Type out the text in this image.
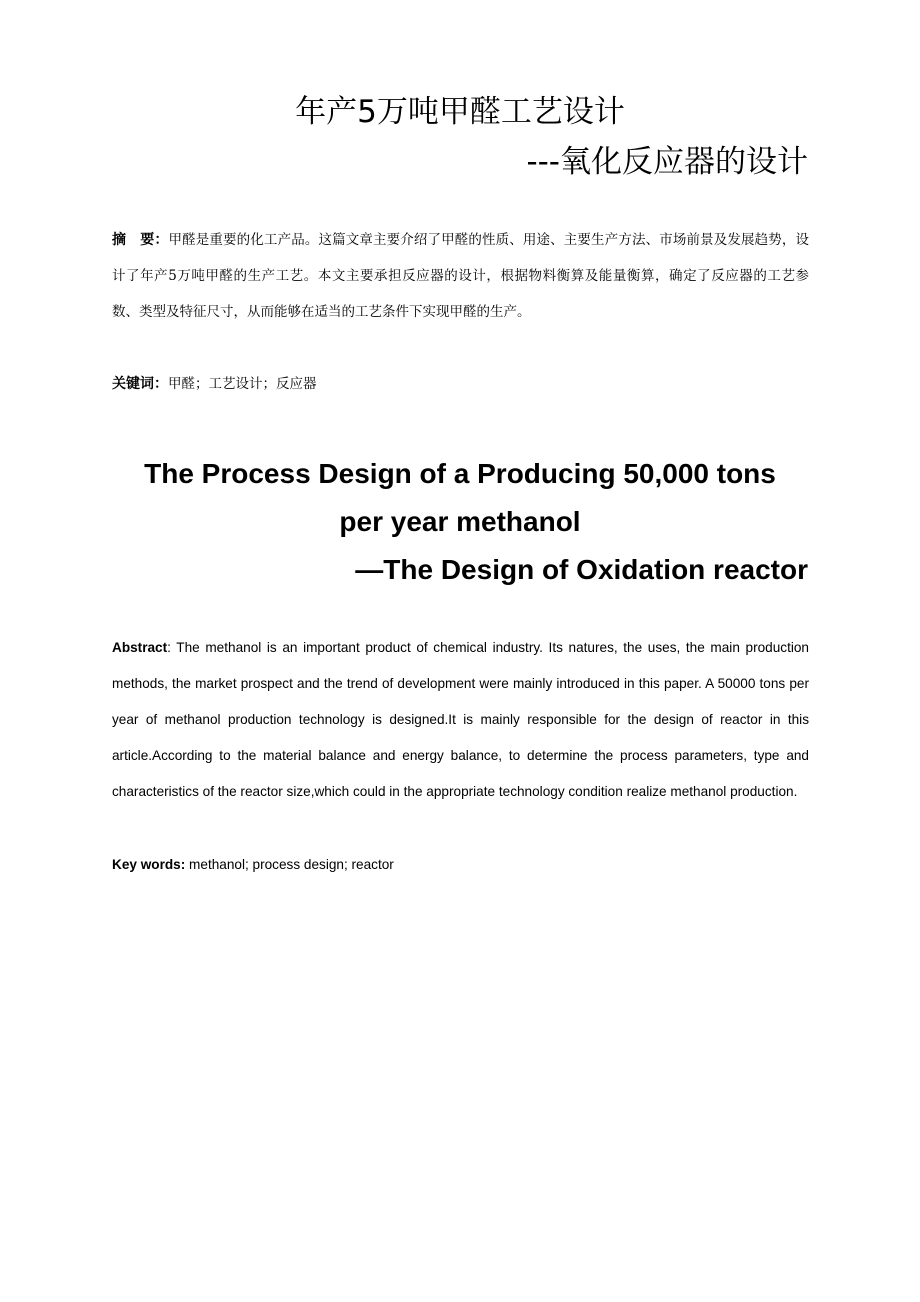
年产5万吨甲醛工艺设计
---氧化反应器的设计
摘　要：甲醛是重要的化工产品。这篇文章主要介绍了甲醛的性质、用途、主要生产方法、市场前景及发展趋势，设计了年产5万吨甲醛的生产工艺。本文主要承担反应器的设计，根据物料衡算及能量衡算，确定了反应器的工艺参数、类型及特征尺寸，从而能够在适当的工艺条件下实现甲醛的生产。
关键词：甲醛；工艺设计；反应器
The Process Design of a Producing 50,000 tons
per year methanol
—The Design of Oxidation reactor
Abstract: The methanol is an important product of chemical industry. Its natures, the uses, the main production methods, the market prospect and the trend of development were mainly introduced in this paper. A 50000 tons per year of methanol production technology is designed.It is mainly responsible for the design of reactor in this article.According to the material balance and energy balance, to determine the process parameters, type and characteristics of the reactor size,which could in the appropriate technology condition realize methanol production.
Key words: methanol; process design; reactor
